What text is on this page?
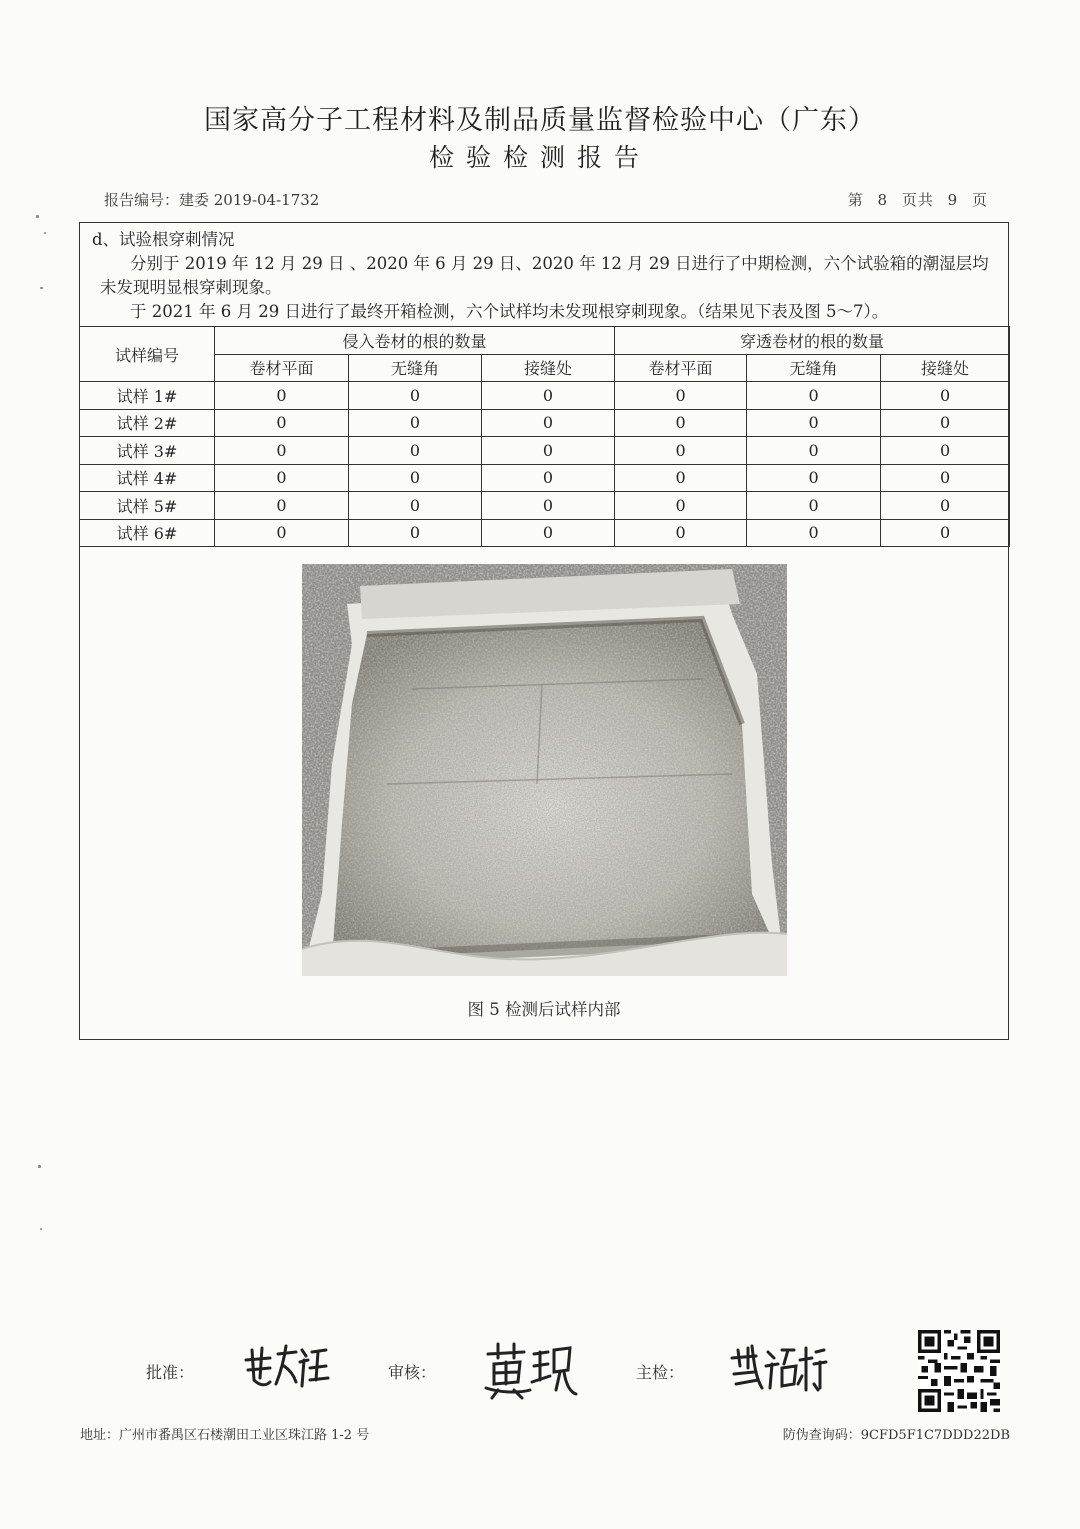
国家高分子工程材料及制品质量监督检验中心（广东）
检验检测报告
报告编号：建委 2019-04-1732	第 8 页共 9 页
d、试验根穿刺情况
分别于 2019 年 12 月 29 日 、2020 年 6 月 29 日、2020 年 12 月 29 日进行了中期检测，六个试验箱的潮湿层均未发现明显根穿刺现象。
于 2021 年 6 月 29 日进行了最终开箱检测，六个试样均未发现根穿刺现象。（结果见下表及图 5～7）。
试样编号	侵入卷材的根的数量			穿透卷材的根的数量		
	卷材平面	无缝角	接缝处	卷材平面	无缝角	接缝处
试样 1#	0	0	0	0	0	0
试样 2#	0	0	0	0	0	0
试样 3#	0	0	0	0	0	0
试样 4#	0	0	0	0	0	0
试样 5#	0	0	0	0	0	0
试样 6#	0	0	0	0	0	0
图 5 检测后试样内部
批准：	审核：	主检：
地址：广州市番禺区石楼潮田工业区珠江路 1-2 号	防伪查询码：9CFD5F1C7DDD22DB
